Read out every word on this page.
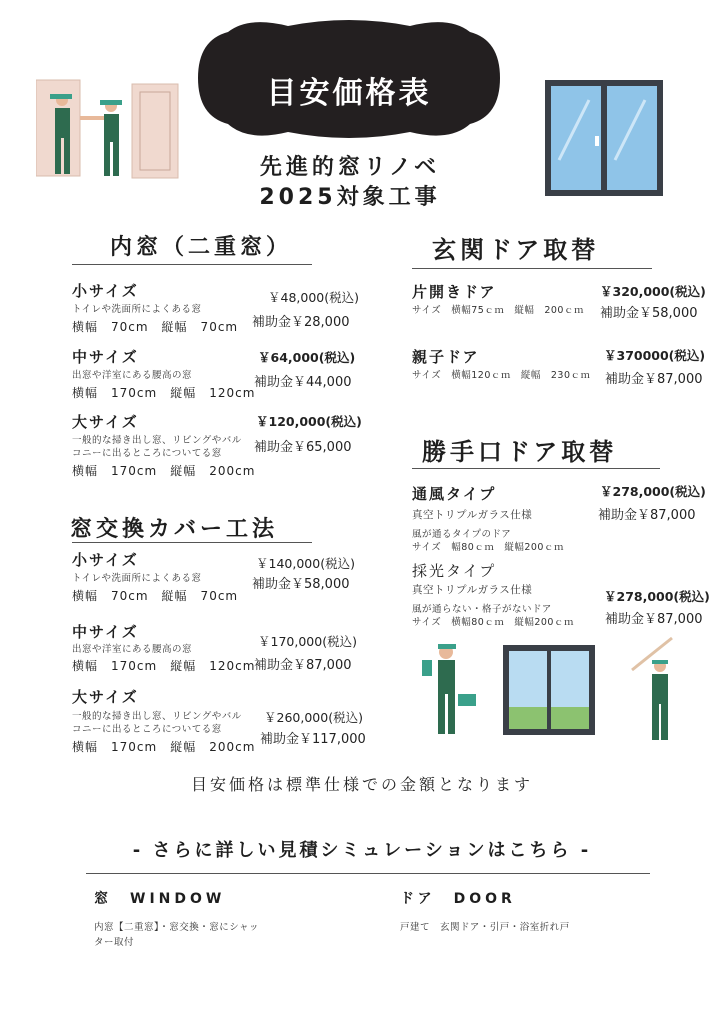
目安価格表
先進的窓リノベ
2025対象工事
内窓（二重窓）
小サイズ
トイレや洗面所によくある窓
横幅　70cm　縦幅　70cm
￥48,000(税込)
補助金￥28,000
中サイズ
出窓や洋室にある腰高の窓
横幅　170cm　縦幅　120cm
￥64,000(税込)
補助金￥44,000
大サイズ
一般的な掃き出し窓、リビングやバル
コニーに出るところについてる窓
横幅　170cm　縦幅　200cm
￥120,000(税込)
補助金￥65,000
窓交換カバー工法
小サイズ
トイレや洗面所によくある窓
横幅　70cm　縦幅　70cm
￥140,000(税込)
補助金￥58,000
中サイズ
出窓や洋室にある腰高の窓
横幅　170cm　縦幅　120cm
￥170,000(税込)
補助金￥87,000
大サイズ
一般的な掃き出し窓、リビングやバル
コニーに出るところについてる窓
横幅　170cm　縦幅　200cm
￥260,000(税込)
補助金￥117,000
玄関ドア取替
片開きドア
サイズ　横幅75ｃｍ　縦幅　200ｃｍ
￥320,000(税込)
補助金￥58,000
親子ドア
サイズ　横幅120ｃｍ　縦幅　230ｃｍ
￥370000(税込)
補助金￥87,000
勝手口ドア取替
通風タイプ
真空トリプルガラス仕様
風が通るタイプのドア
サイズ　幅80ｃｍ　縦幅200ｃｍ
￥278,000(税込)
補助金￥87,000
採光タイプ
真空トリプルガラス仕様
風が通らない・格子がないドア
サイズ　横幅80ｃｍ　縦幅200ｃｍ
￥278,000(税込)
補助金￥87,000
目安価格は標準仕様での金額となります
- さらに詳しい見積シミュレーションはこちら -
窓　WINDOW
内窓【二重窓】・窓交換・窓にシャッ
ター取付
ドア　DOOR
戸建て　玄関ドア・引戸・浴室折れ戸
